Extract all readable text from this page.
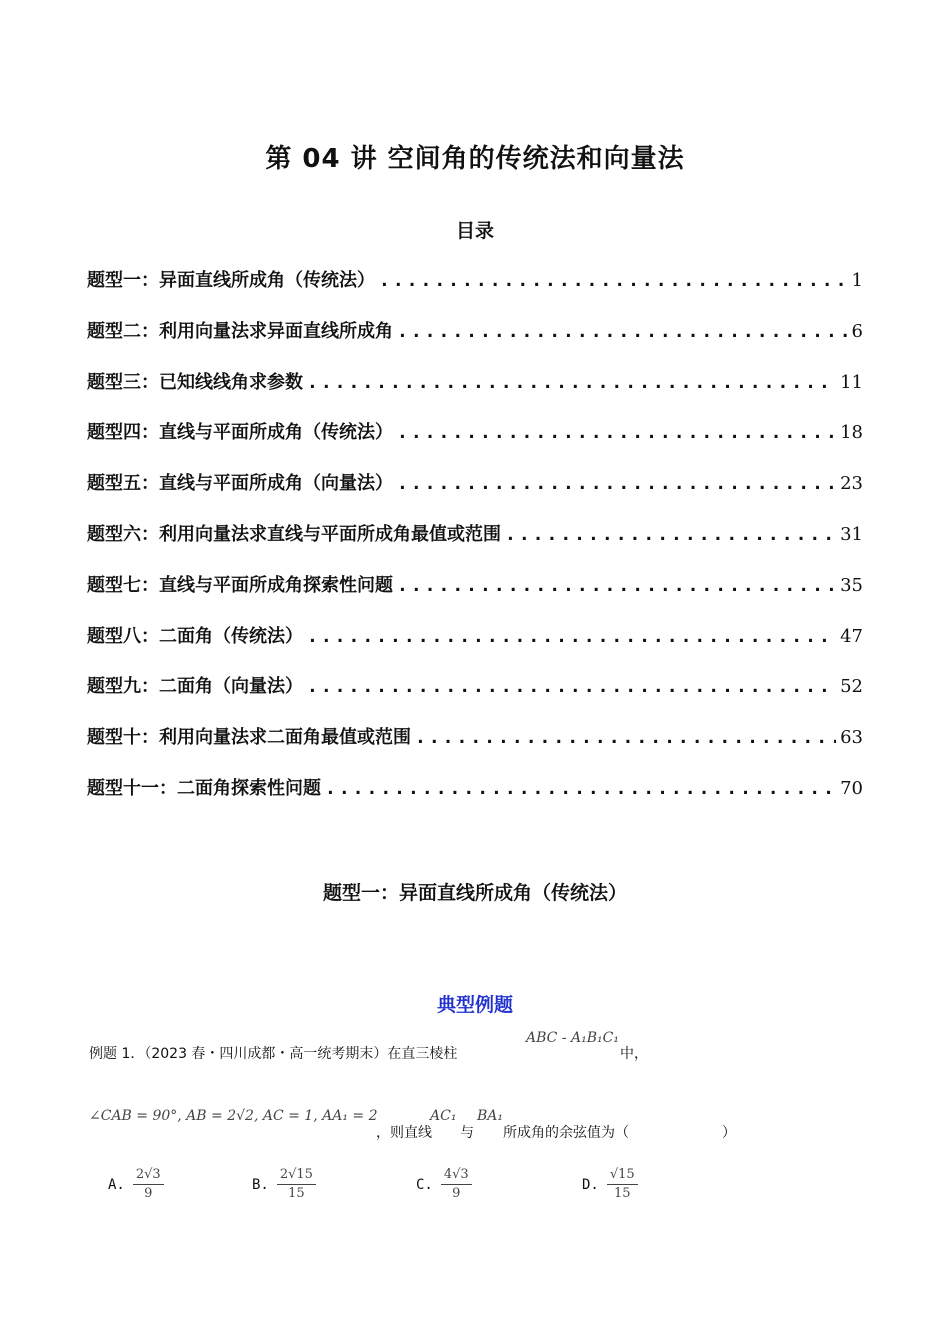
第 04 讲 空间角的传统法和向量法
目录
题型一：异面直线所成角（传统法） .....	1
题型二：利用向量法求异面直线所成角 .....	6
题型三：已知线线角求参数 .....	11
题型四：直线与平面所成角（传统法） .....	18
题型五：直线与平面所成角（向量法） .....	23
题型六：利用向量法求直线与平面所成角最值或范围 .....	31
题型七：直线与平面所成角探索性问题 .....	35
题型八：二面角（传统法） .....	47
题型九：二面角（向量法） .....	52
题型十：利用向量法求二面角最值或范围 .....	63
题型十一：二面角探索性问题 .....	70
题型一：异面直线所成角（传统法）
典型例题
例题 1．（2023 春・四川成都・高一统考期末）在直三棱柱
ABC - A₁B₁C₁
中，
∠CAB = 90°, AB = 2√2, AC = 1, AA₁ = 2
，则直线
AC₁
与
BA₁
所成角的余弦值为（	）
A. $\frac{2√3}{9}$	B. $\frac{2√15}{15}$	C. $\frac{4√3}{9}$	D. $\frac{√15}{15}$
